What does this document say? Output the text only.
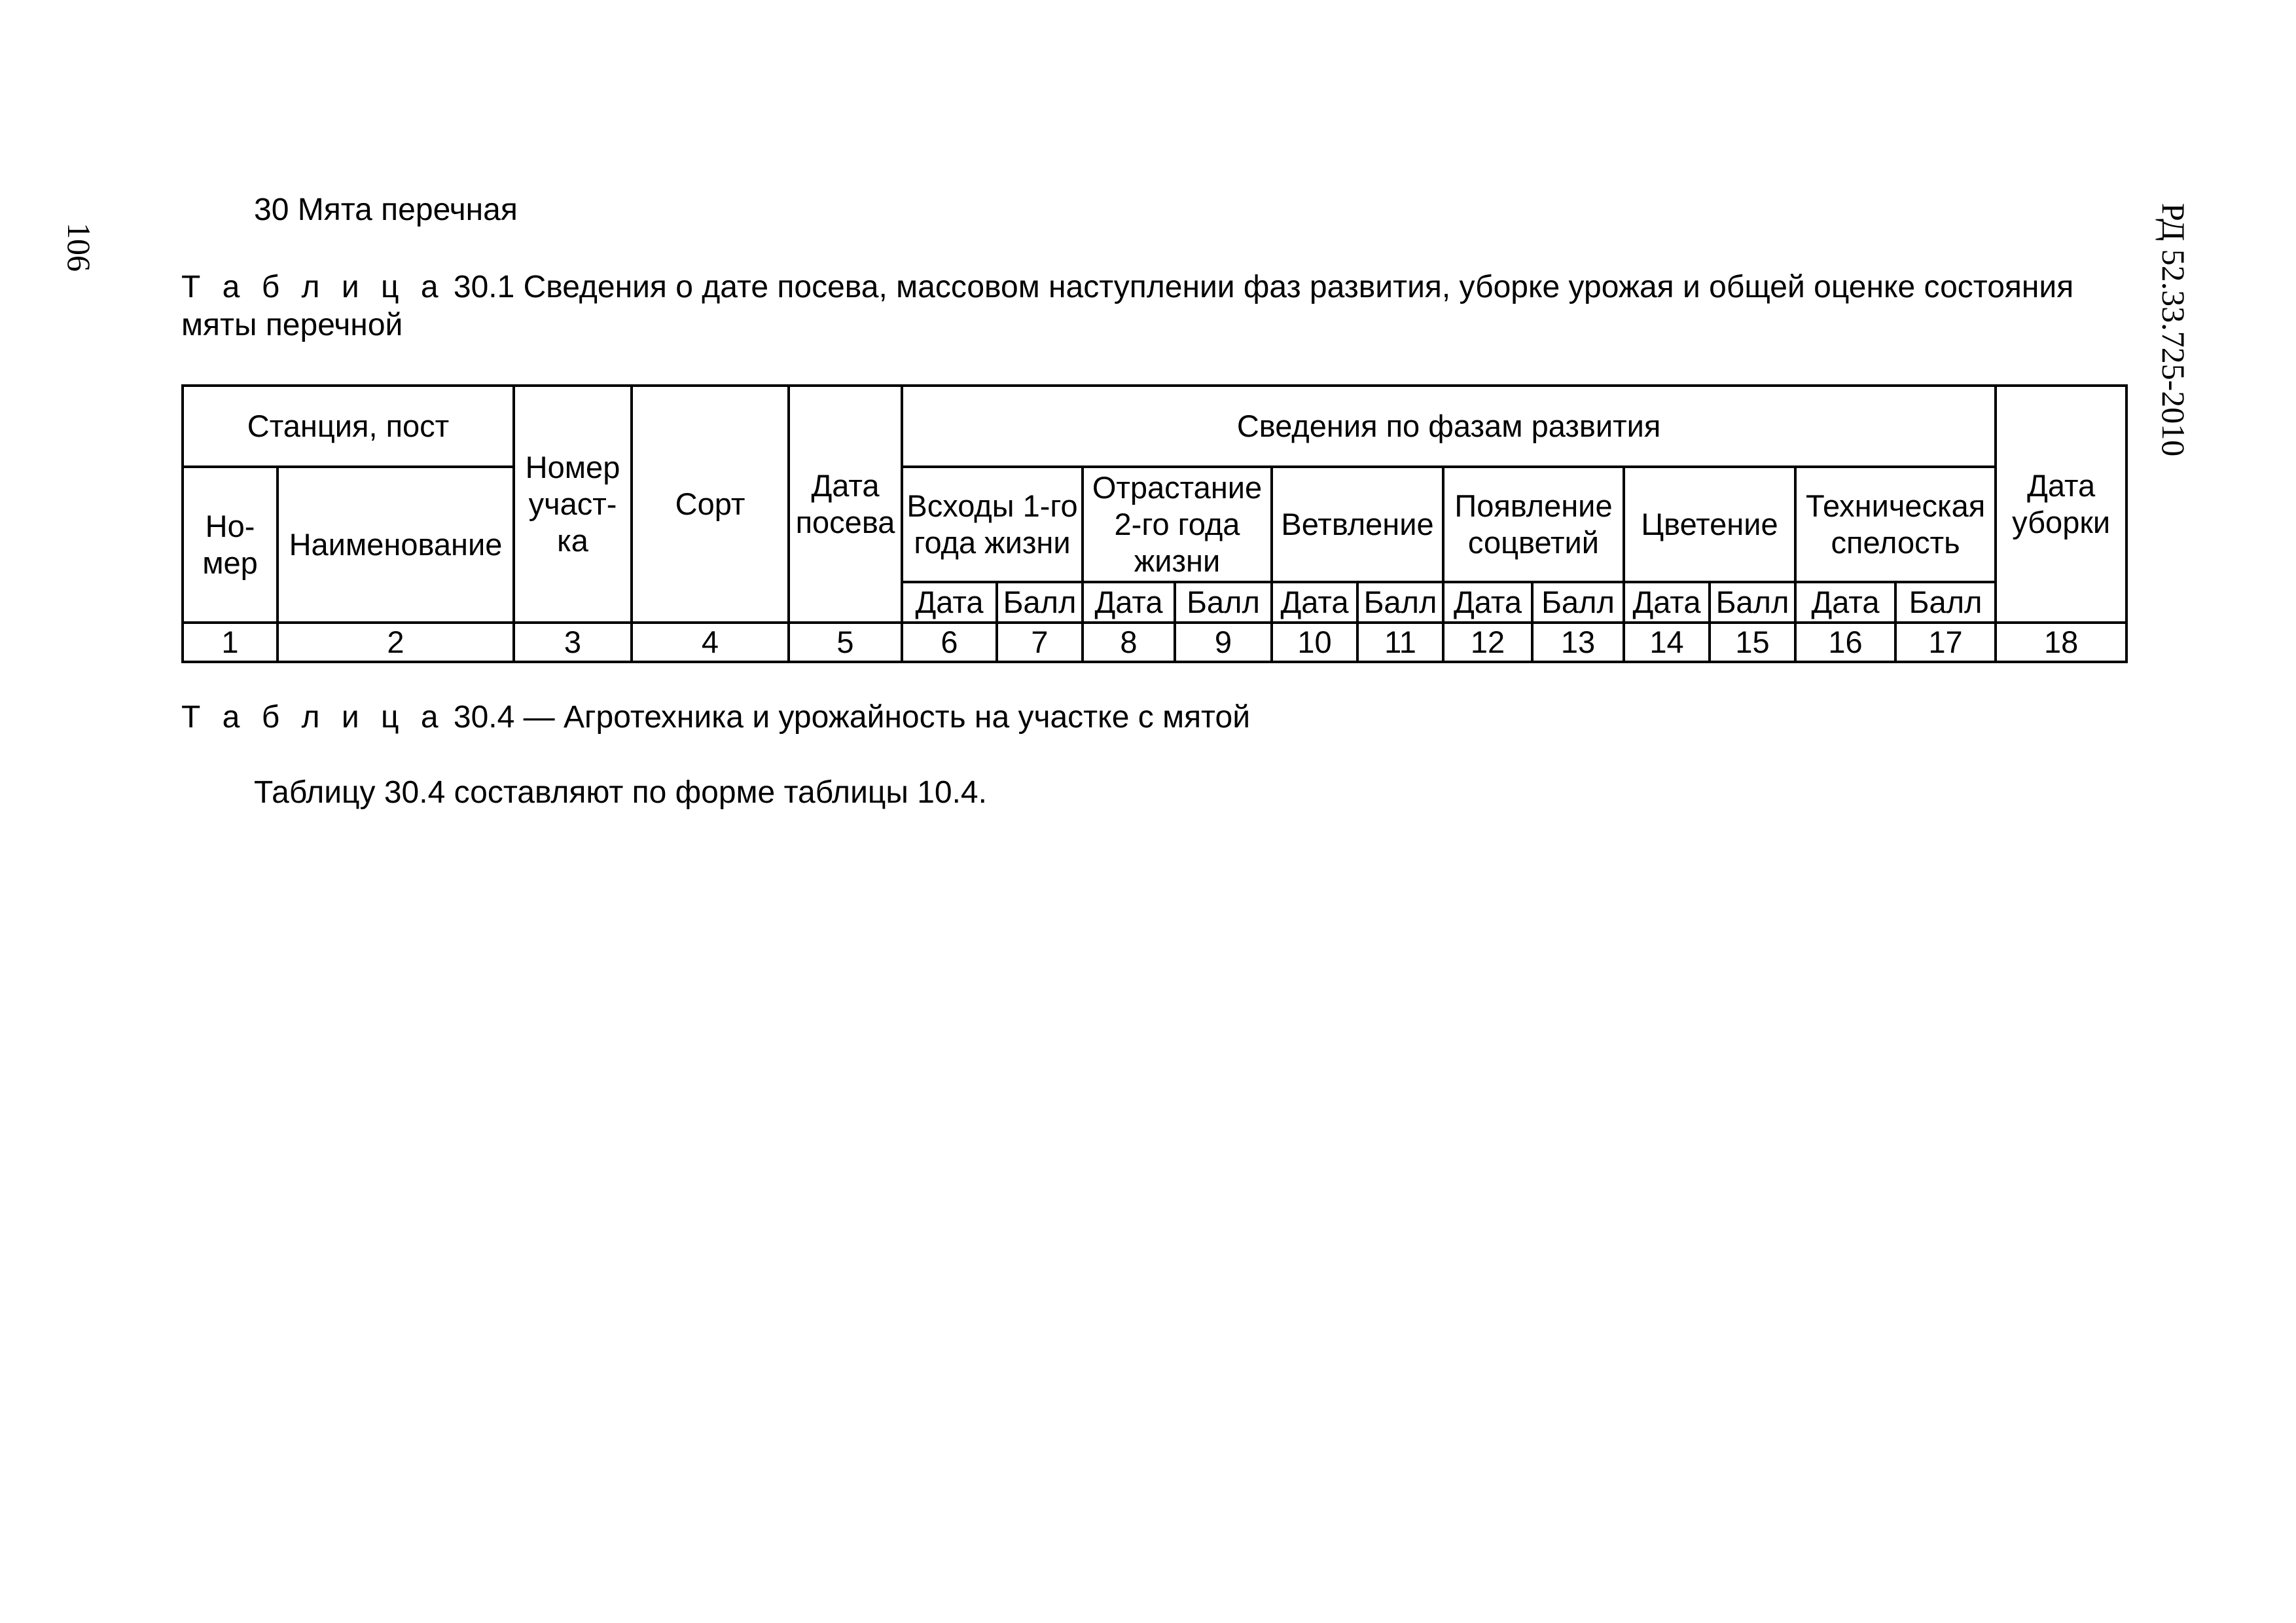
106	РД 52.33.725-2010
30 Мята перечная
Т а б л и ц а 30.1 Сведения о дате посева, массовом наступлении фаз развития, уборке урожая и общей оценке состояния мяты перечной
Станция, пост		Номер участ-ка	Сорт	Дата посева	Сведения по фазам развития												Дата уборки
Но-мер	Наименование				Всходы 1-го года жизни		Отрастание 2-го года жизни		Ветвление		Появление соцветий		Цветение		Техническая спелость		
					Дата	Балл	Дата	Балл	Дата	Балл	Дата	Балл	Дата	Балл	Дата	Балл	
1	2	3	4	5	6	7	8	9	10	11	12	13	14	15	16	17	18
Т а б л и ц а 30.4 — Агротехника и урожайность на участке с мятой
Таблицу 30.4 составляют по форме таблицы 10.4.
